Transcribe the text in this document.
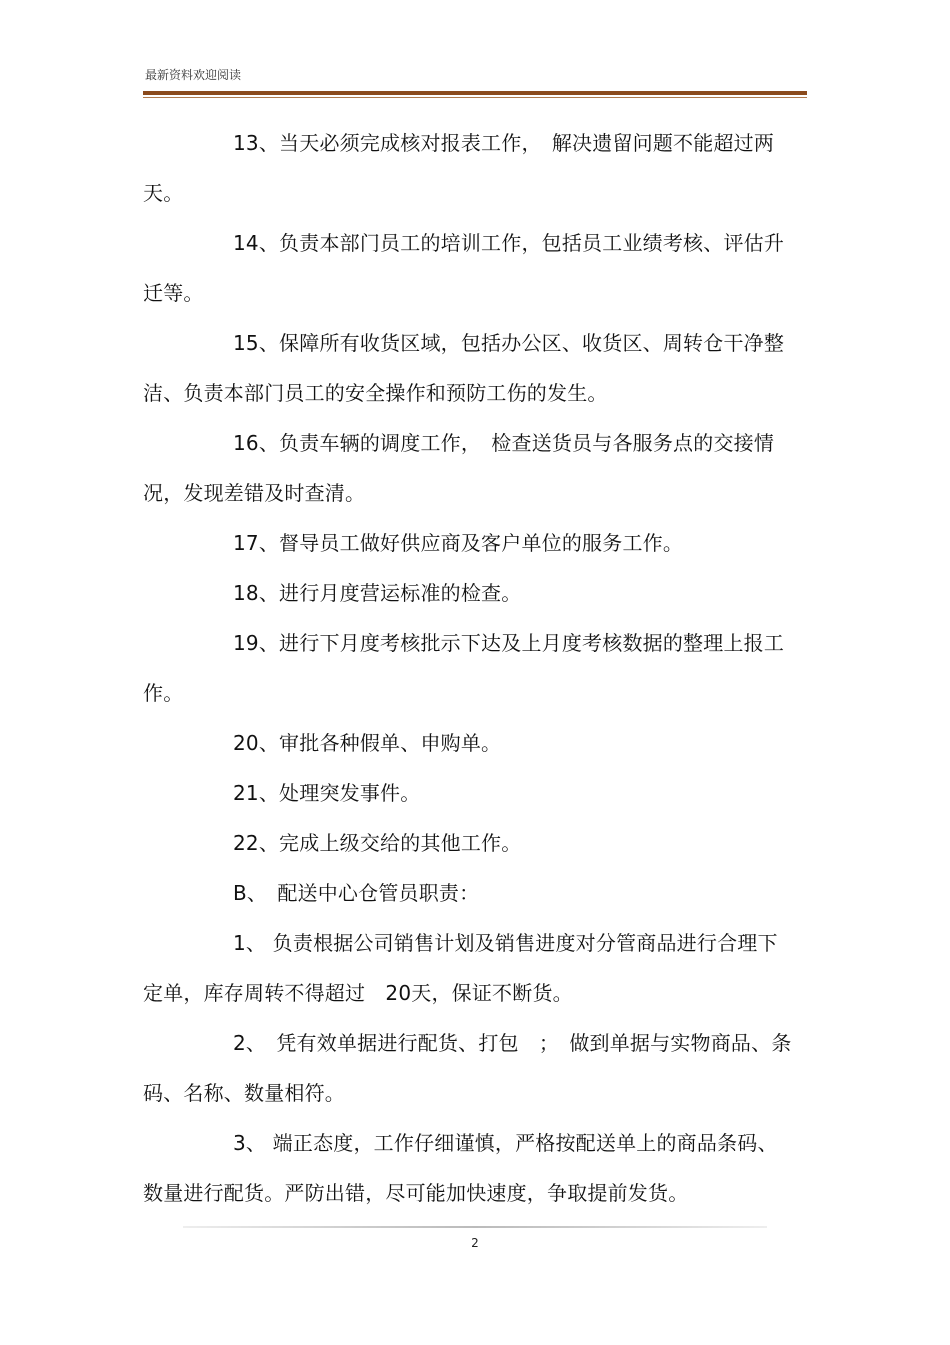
最新资料欢迎阅读

13、当天必须完成核对报表工作，　解决遗留问题不能超过两天。

14、负责本部门员工的培训工作，包括员工业绩考核、评估升迁等。

15、保障所有收货区域，包括办公区、收货区、周转仓干净整洁、负责本部门员工的安全操作和预防工伤的发生。

16、负责车辆的调度工作，　检查送货员与各服务点的交接情况，发现差错及时查清。

17、督导员工做好供应商及客户单位的服务工作。

18、进行月度营运标准的检查。

19、进行下月度考核批示下达及上月度考核数据的整理上报工作。

20、审批各种假单、申购单。

21、处理突发事件。

22、完成上级交给的其他工作。

B、　配送中心仓管员职责：

1、 负责根据公司销售计划及销售进度对分管商品进行合理下定单，库存周转不得超过　20天，保证不断货。

2、　凭有效单据进行配货、打包　；　做到单据与实物商品、条码、名称、数量相符。

3、 端正态度，工作仔细谨慎，严格按配送单上的商品条码、数量进行配货。严防出错，尽可能加快速度，争取提前发货。

2
